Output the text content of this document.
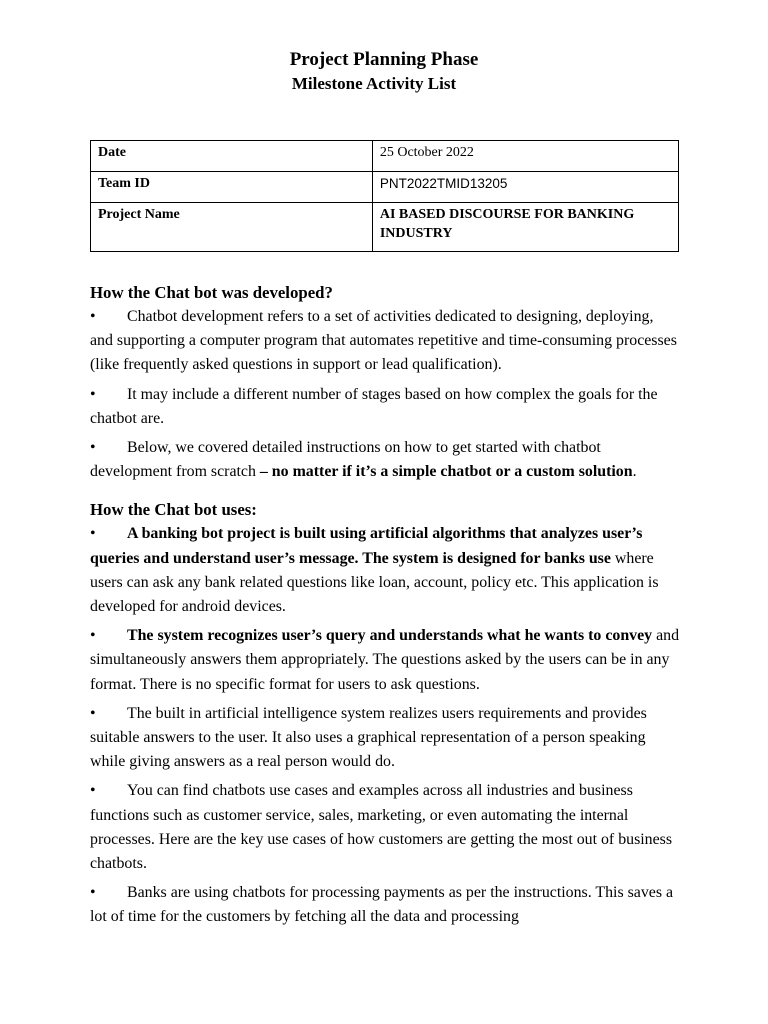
Project Planning Phase
Milestone Activity List
Date	25 October 2022
Team ID	PNT2022TMID13205
Project Name	AI BASED DISCOURSE FOR BANKING INDUSTRY

How the Chat bot was developed?

• Chatbot development refers to a set of activities dedicated to designing, deploying, and supporting a computer program that automates repetitive and time-consuming processes (like frequently asked questions in support or lead qualification).

• It may include a different number of stages based on how complex the goals for the chatbot are.

• Below, we covered detailed instructions on how to get started with chatbot development from scratch – no matter if it’s a simple chatbot or a custom solution.

How the Chat bot uses:

• A banking bot project is built using artificial algorithms that analyzes user’s queries and understand user’s message. The system is designed for banks use where users can ask any bank related questions like loan, account, policy etc. This application is developed for android devices.

• The system recognizes user’s query and understands what he wants to convey and simultaneously answers them appropriately. The questions asked by the users can be in any format. There is no specific format for users to ask questions.

• The built in artificial intelligence system realizes users requirements and provides suitable answers to the user. It also uses a graphical representation of a person speaking while giving answers as a real person would do.

• You can find chatbots use cases and examples across all industries and business functions such as customer service, sales, marketing, or even automating the internal processes. Here are the key use cases of how customers are getting the most out of business chatbots.

• Banks are using chatbots for processing payments as per the instructions. This saves a lot of time for the customers by fetching all the data and processing
